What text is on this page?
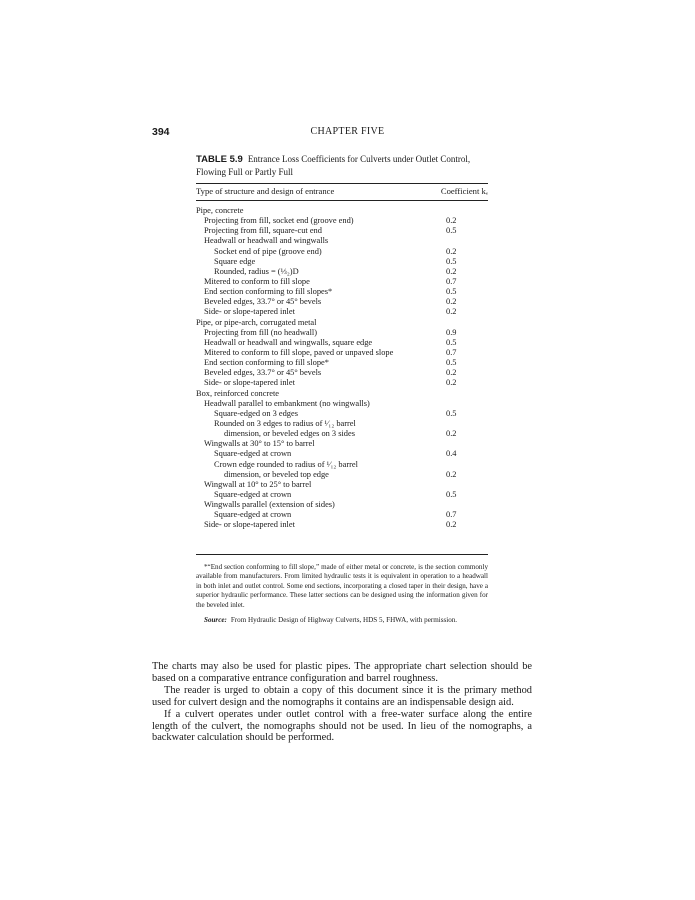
394	CHAPTER FIVE
TABLE 5.9 Entrance Loss Coefficients for Culverts under Outlet Control, Flowing Full or Partly Full
Type of structure and design of entrance	Coefficient kₑ
Pipe, concrete
Projecting from fill, socket end (groove end)	0.2
Projecting from fill, square-cut end	0.5
Headwall or headwall and wingwalls
Socket end of pipe (groove end)	0.2
Square edge	0.5
Rounded, radius = (⅓₂)D	0.2
Mitered to conform to fill slope	0.7
End section conforming to fill slopes*	0.5
Beveled edges, 33.7° or 45° bevels	0.2
Side- or slope-tapered inlet	0.2
Pipe, or pipe-arch, corrugated metal
Projecting from fill (no headwall)	0.9
Headwall or headwall and wingwalls, square edge	0.5
Mitered to conform to fill slope, paved or unpaved slope	0.7
End section conforming to fill slope*	0.5
Beveled edges, 33.7° or 45° bevels	0.2
Side- or slope-tapered inlet	0.2
Box, reinforced concrete
Headwall parallel to embankment (no wingwalls)
Square-edged on 3 edges	0.5
Rounded on 3 edges to radius of ¹⁄₁₂ barrel
dimension, or beveled edges on 3 sides	0.2
Wingwalls at 30° to 15° to barrel
Square-edged at crown	0.4
Crown edge rounded to radius of ¹⁄₁₂ barrel
dimension, or beveled top edge	0.2
Wingwall at 10° to 25° to barrel
Square-edged at crown	0.5
Wingwalls parallel (extension of sides)
Square-edged at crown	0.7
Side- or slope-tapered inlet	0.2

*“End section conforming to fill slope,” made of either metal or concrete, is the section commonly available from manufacturers. From limited hydraulic tests it is equivalent in operation to a headwall in both inlet and outlet control. Some end sections, incorporating a closed taper in their design, have a superior hydraulic performance. These latter sections can be designed using the information given for the beveled inlet.

Source: From Hydraulic Design of Highway Culverts, HDS 5, FHWA, with permission.

The charts may also be used for plastic pipes. The appropriate chart selection should be based on a comparative entrance configuration and barrel roughness.

The reader is urged to obtain a copy of this document since it is the primary method used for culvert design and the nomographs it contains are an indispensable design aid.

If a culvert operates under outlet control with a free-water surface along the entire length of the culvert, the nomographs should not be used. In lieu of the nomographs, a backwater calculation should be performed.
